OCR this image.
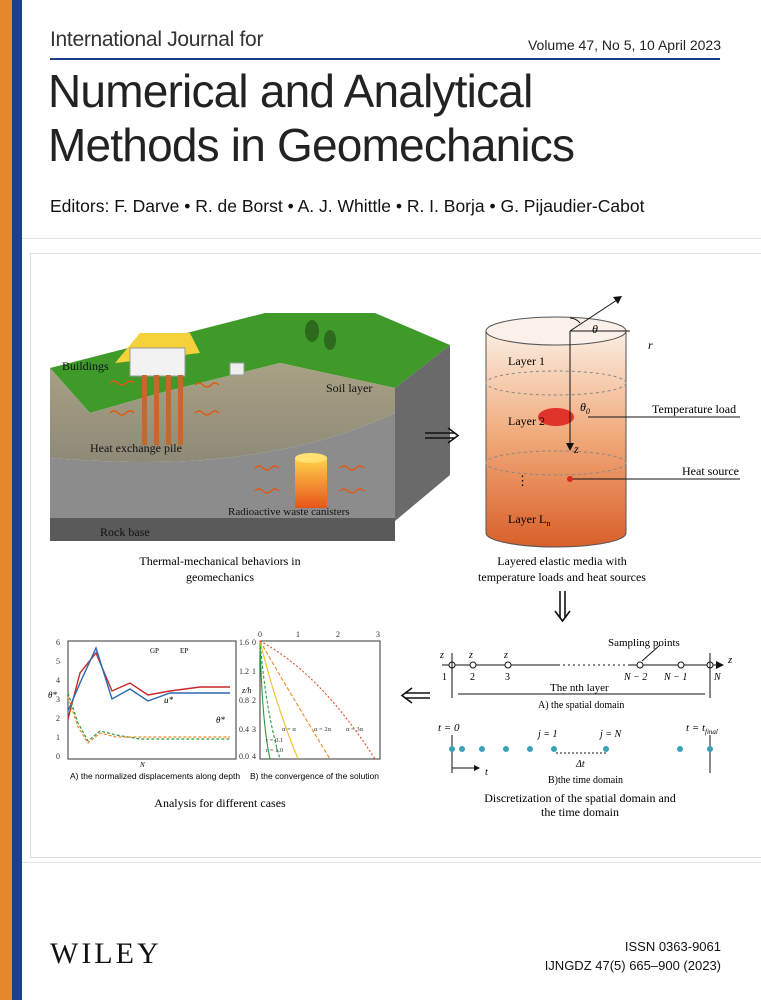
International Journal for	Volume 47, No 5, 10 April 2023
Numerical and Analytical
Methods in Geomechanics
Editors: F. Darve • R. de Borst • A. J. Whittle • R. I. Borja • G. Pijaudier-Cabot
Buildings
Soil layer
Heat exchange pile
Radioactive waste canisters
Rock base
Thermal-mechanical behaviors in
geomechanics
Layer 1
Layer 2
⋮
Layer $L_n$
θ
$\theta_0$
r
z
Temperature load
Heat source
Layered elastic media with
temperature loads and heat sources
Sampling points
z	z	z
1 2	3	N − 2 N − 1	N
z
The nth layer
A) the spatial domain
t = 0	$t = t_{final}$
j = 1	j = N
Δt
t
B)the time domain
Discretization of the spatial domain and
the time domain
6
5
4
3
2
1
0
1.6
1.2
0.8
0.4
0.0
GP	EP
θ*
θ*
u*
N
0	1	2	3
0
1
2
3
4
z/h
α = α	α = 2α α = 3α
r = 0.1
r = 1.0
A) the normalized displacements along depth B) the convergence of the solution
Analysis for different cases
WILEY	ISSN 0363-9061
IJNGDZ 47(5) 665–900 (2023)
